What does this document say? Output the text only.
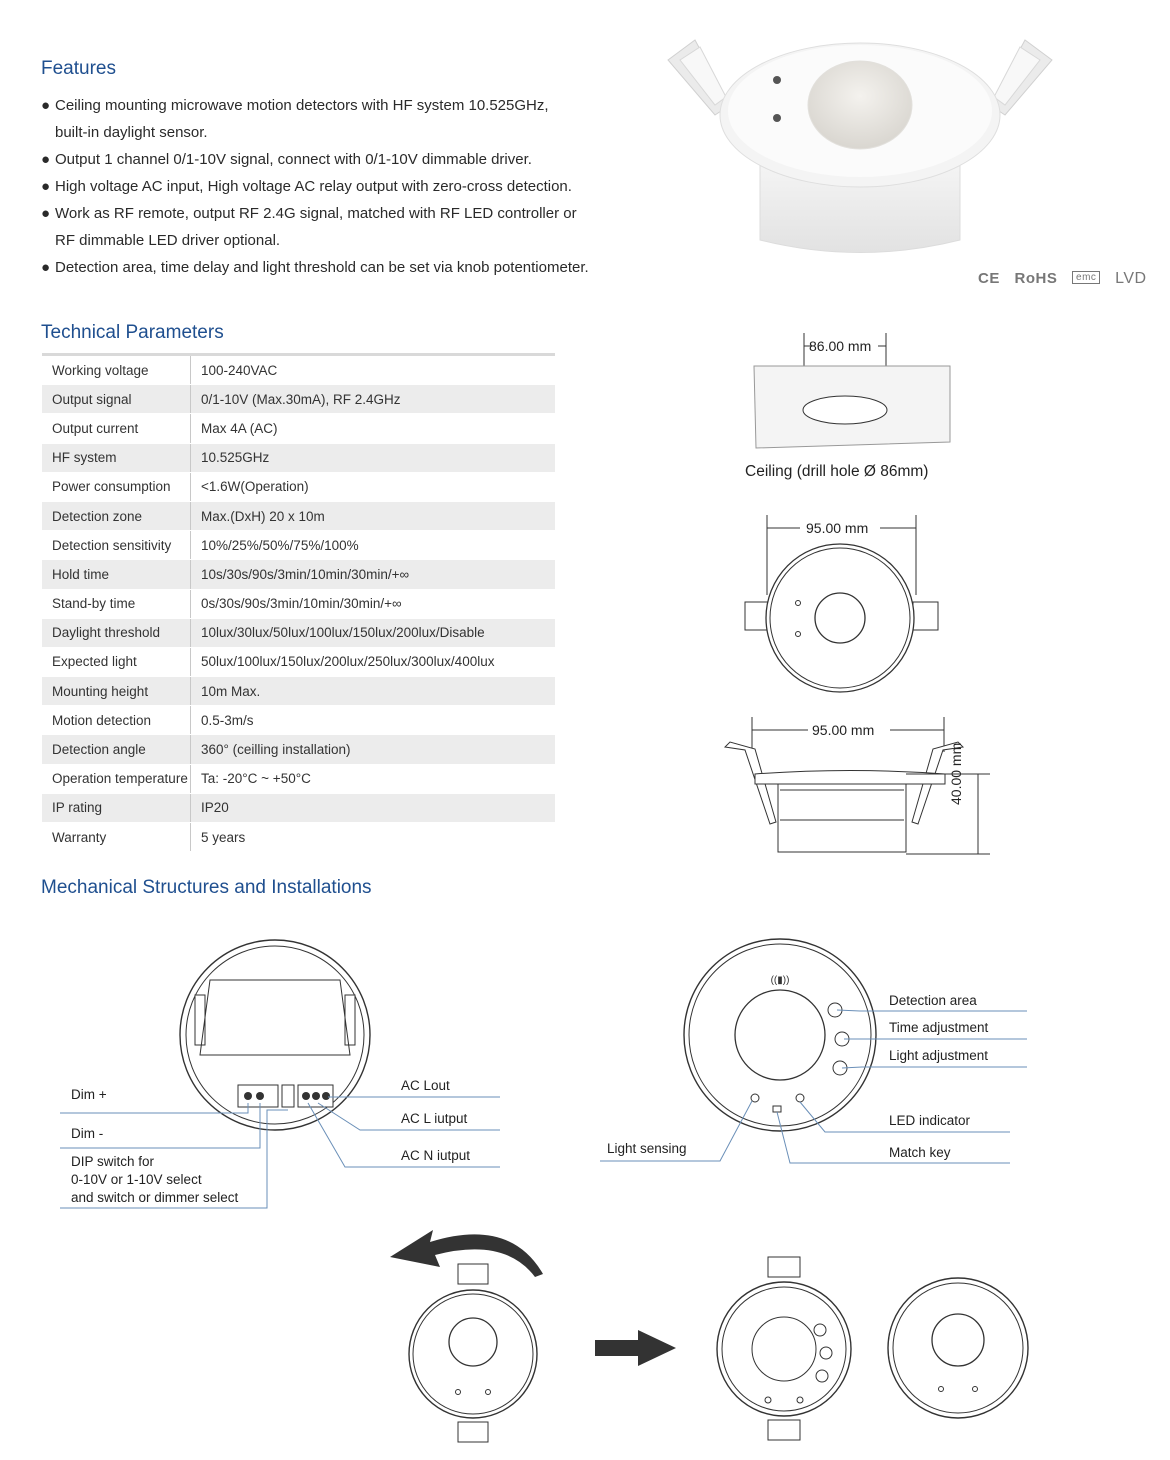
Features

● Ceiling mounting microwave motion detectors with HF system 10.525GHz,
built-in daylight sensor.

● Output 1 channel 0/1-10V signal, connect with 0/1-10V dimmable driver.

● High voltage AC input, High voltage AC relay output with zero-cross detection.

● Work as RF remote, output RF 2.4G signal, matched with RF LED controller or
RF dimmable LED driver optional.

● Detection area, time delay and light threshold can be set via knob potentiometer.

CE RoHS $^{emc}$ LVD
Technical Parameters
Working voltage	100-240VAC
Output signal	0/1-10V (Max.30mA), RF 2.4GHz
Output current	Max 4A (AC)
HF system	10.525GHz
Power consumption	<1.6W(Operation)
Detection zone	Max.(DxH) 20 x 10m
Detection sensitivity	10%/25%/50%/75%/100%
Hold time	10s/30s/90s/3min/10min/30min/+∞
Stand-by time	0s/30s/90s/3min/10min/30min/+∞
Daylight threshold	10lux/30lux/50lux/100lux/150lux/200lux/Disable
Expected light	50lux/100lux/150lux/200lux/250lux/300lux/400lux
Mounting height	10m Max.
Motion detection	0.5-3m/s
Detection angle	360° (ceilling installation)
Operation temperature	Ta: -20°C ~ +50°C
IP rating	IP20
Warranty	5 years
86.00 mm
Ceiling (drill hole Ø 86mm)
95.00 mm
95.00 mm
40.00 mm
Mechanical Structures and Installations
Dim +
Dim -
DIP switch for
0-10V or 1-10V select
and switch or dimmer select
AC Lout
AC L iutput
AC N iutput
((▮))
Detection area
Time adjustment
Light adjustment
LED indicator
Match key
Light sensing
